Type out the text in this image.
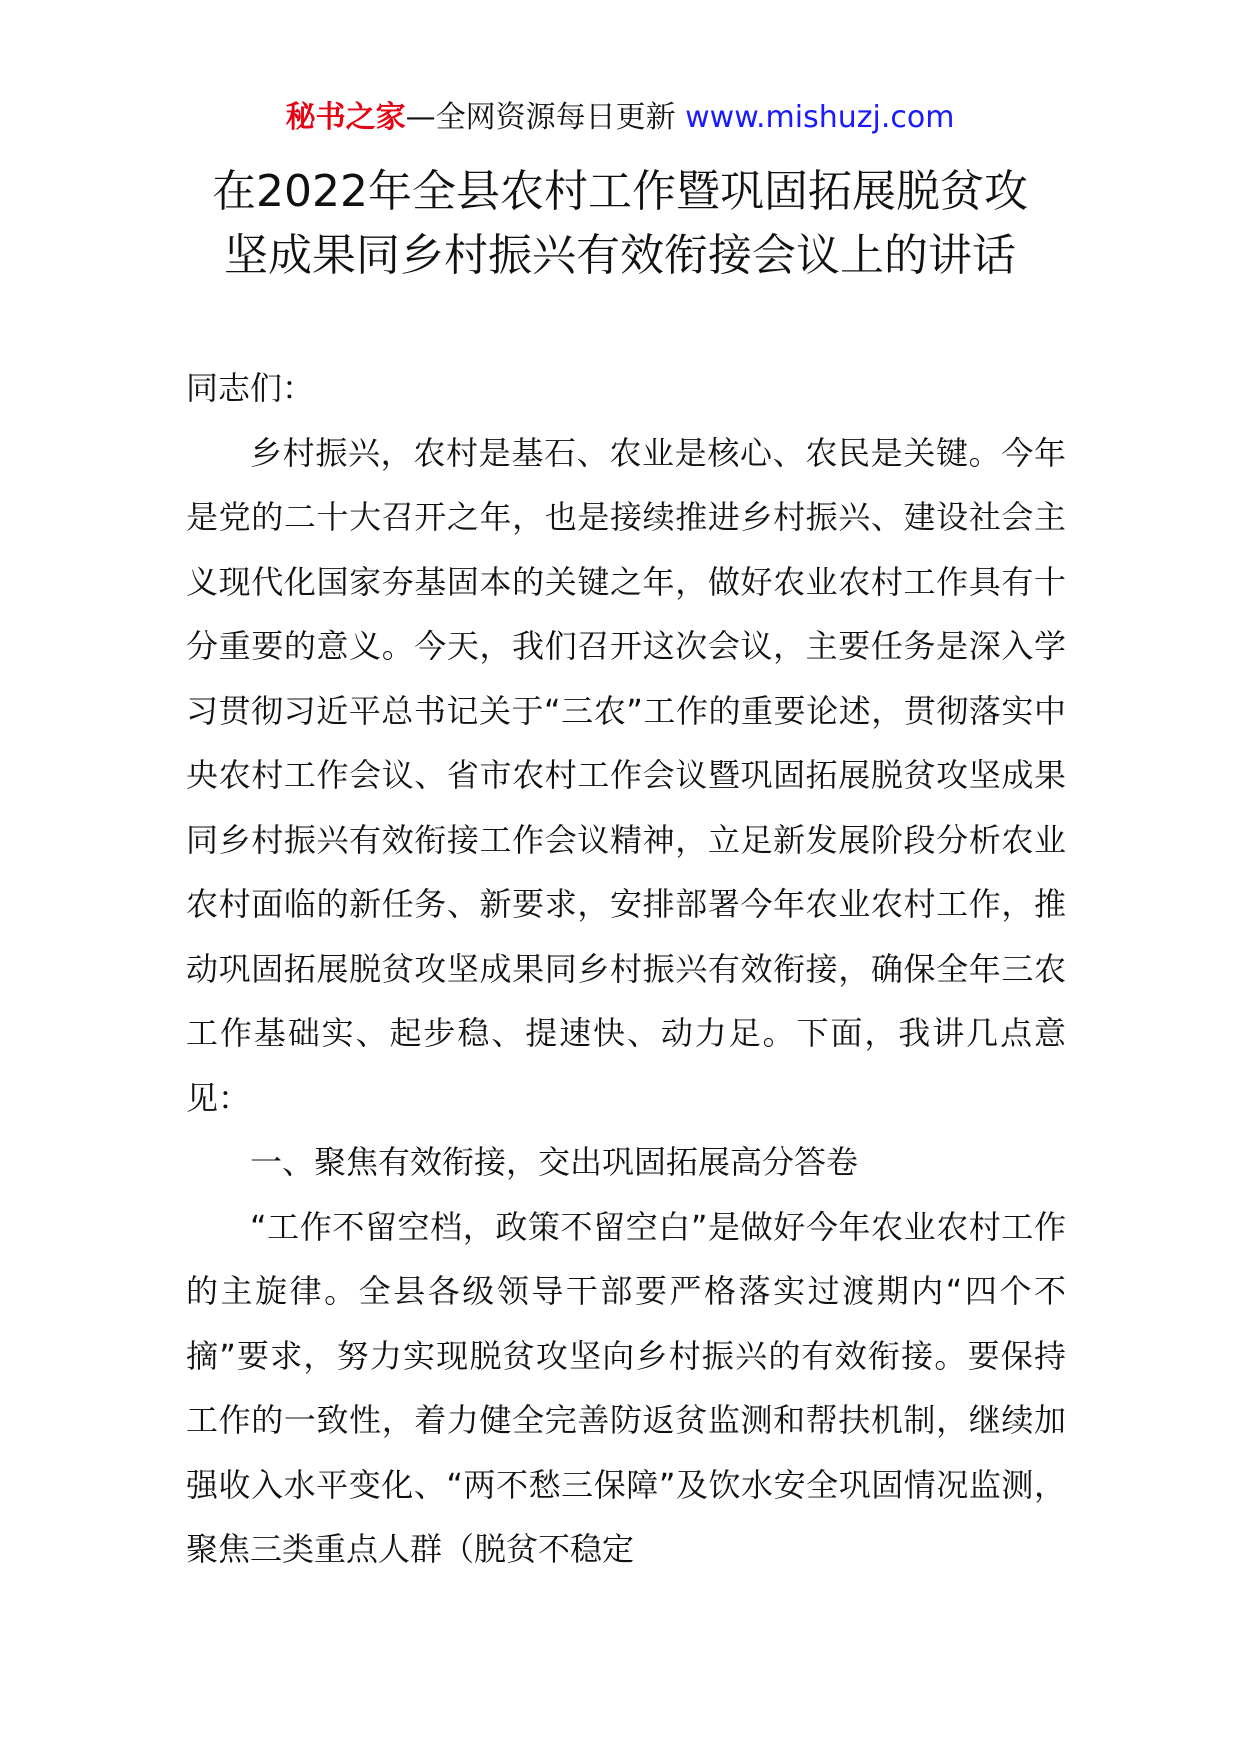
秘书之家—全网资源每日更新 www.mishuzj.com
在2022年全县农村工作暨巩固拓展脱贫攻
坚成果同乡村振兴有效衔接会议上的讲话

同志们：

乡村振兴，农村是基石、农业是核心、农民是关键。今年是党的二十大召开之年，也是接续推进乡村振兴、建设社会主义现代化国家夯基固本的关键之年，做好农业农村工作具有十分重要的意义。今天，我们召开这次会议，主要任务是深入学习贯彻习近平总书记关于“三农”工作的重要论述，贯彻落实中央农村工作会议、省市农村工作会议暨巩固拓展脱贫攻坚成果同乡村振兴有效衔接工作会议精神，立足新发展阶段分析农业农村面临的新任务、新要求，安排部署今年农业农村工作，推动巩固拓展脱贫攻坚成果同乡村振兴有效衔接，确保全年三农工作基础实、起步稳、提速快、动力足。下面，我讲几点意见：

一、聚焦有效衔接，交出巩固拓展高分答卷

“工作不留空档，政策不留空白”是做好今年农业农村工作的主旋律。全县各级领导干部要严格落实过渡期内“四个不摘”要求，努力实现脱贫攻坚向乡村振兴的有效衔接。要保持工作的一致性，着力健全完善防返贫监测和帮扶机制，继续加强收入水平变化、“两不愁三保障”及饮水安全巩固情况监测，聚焦三类重点人群（脱贫不稳定
